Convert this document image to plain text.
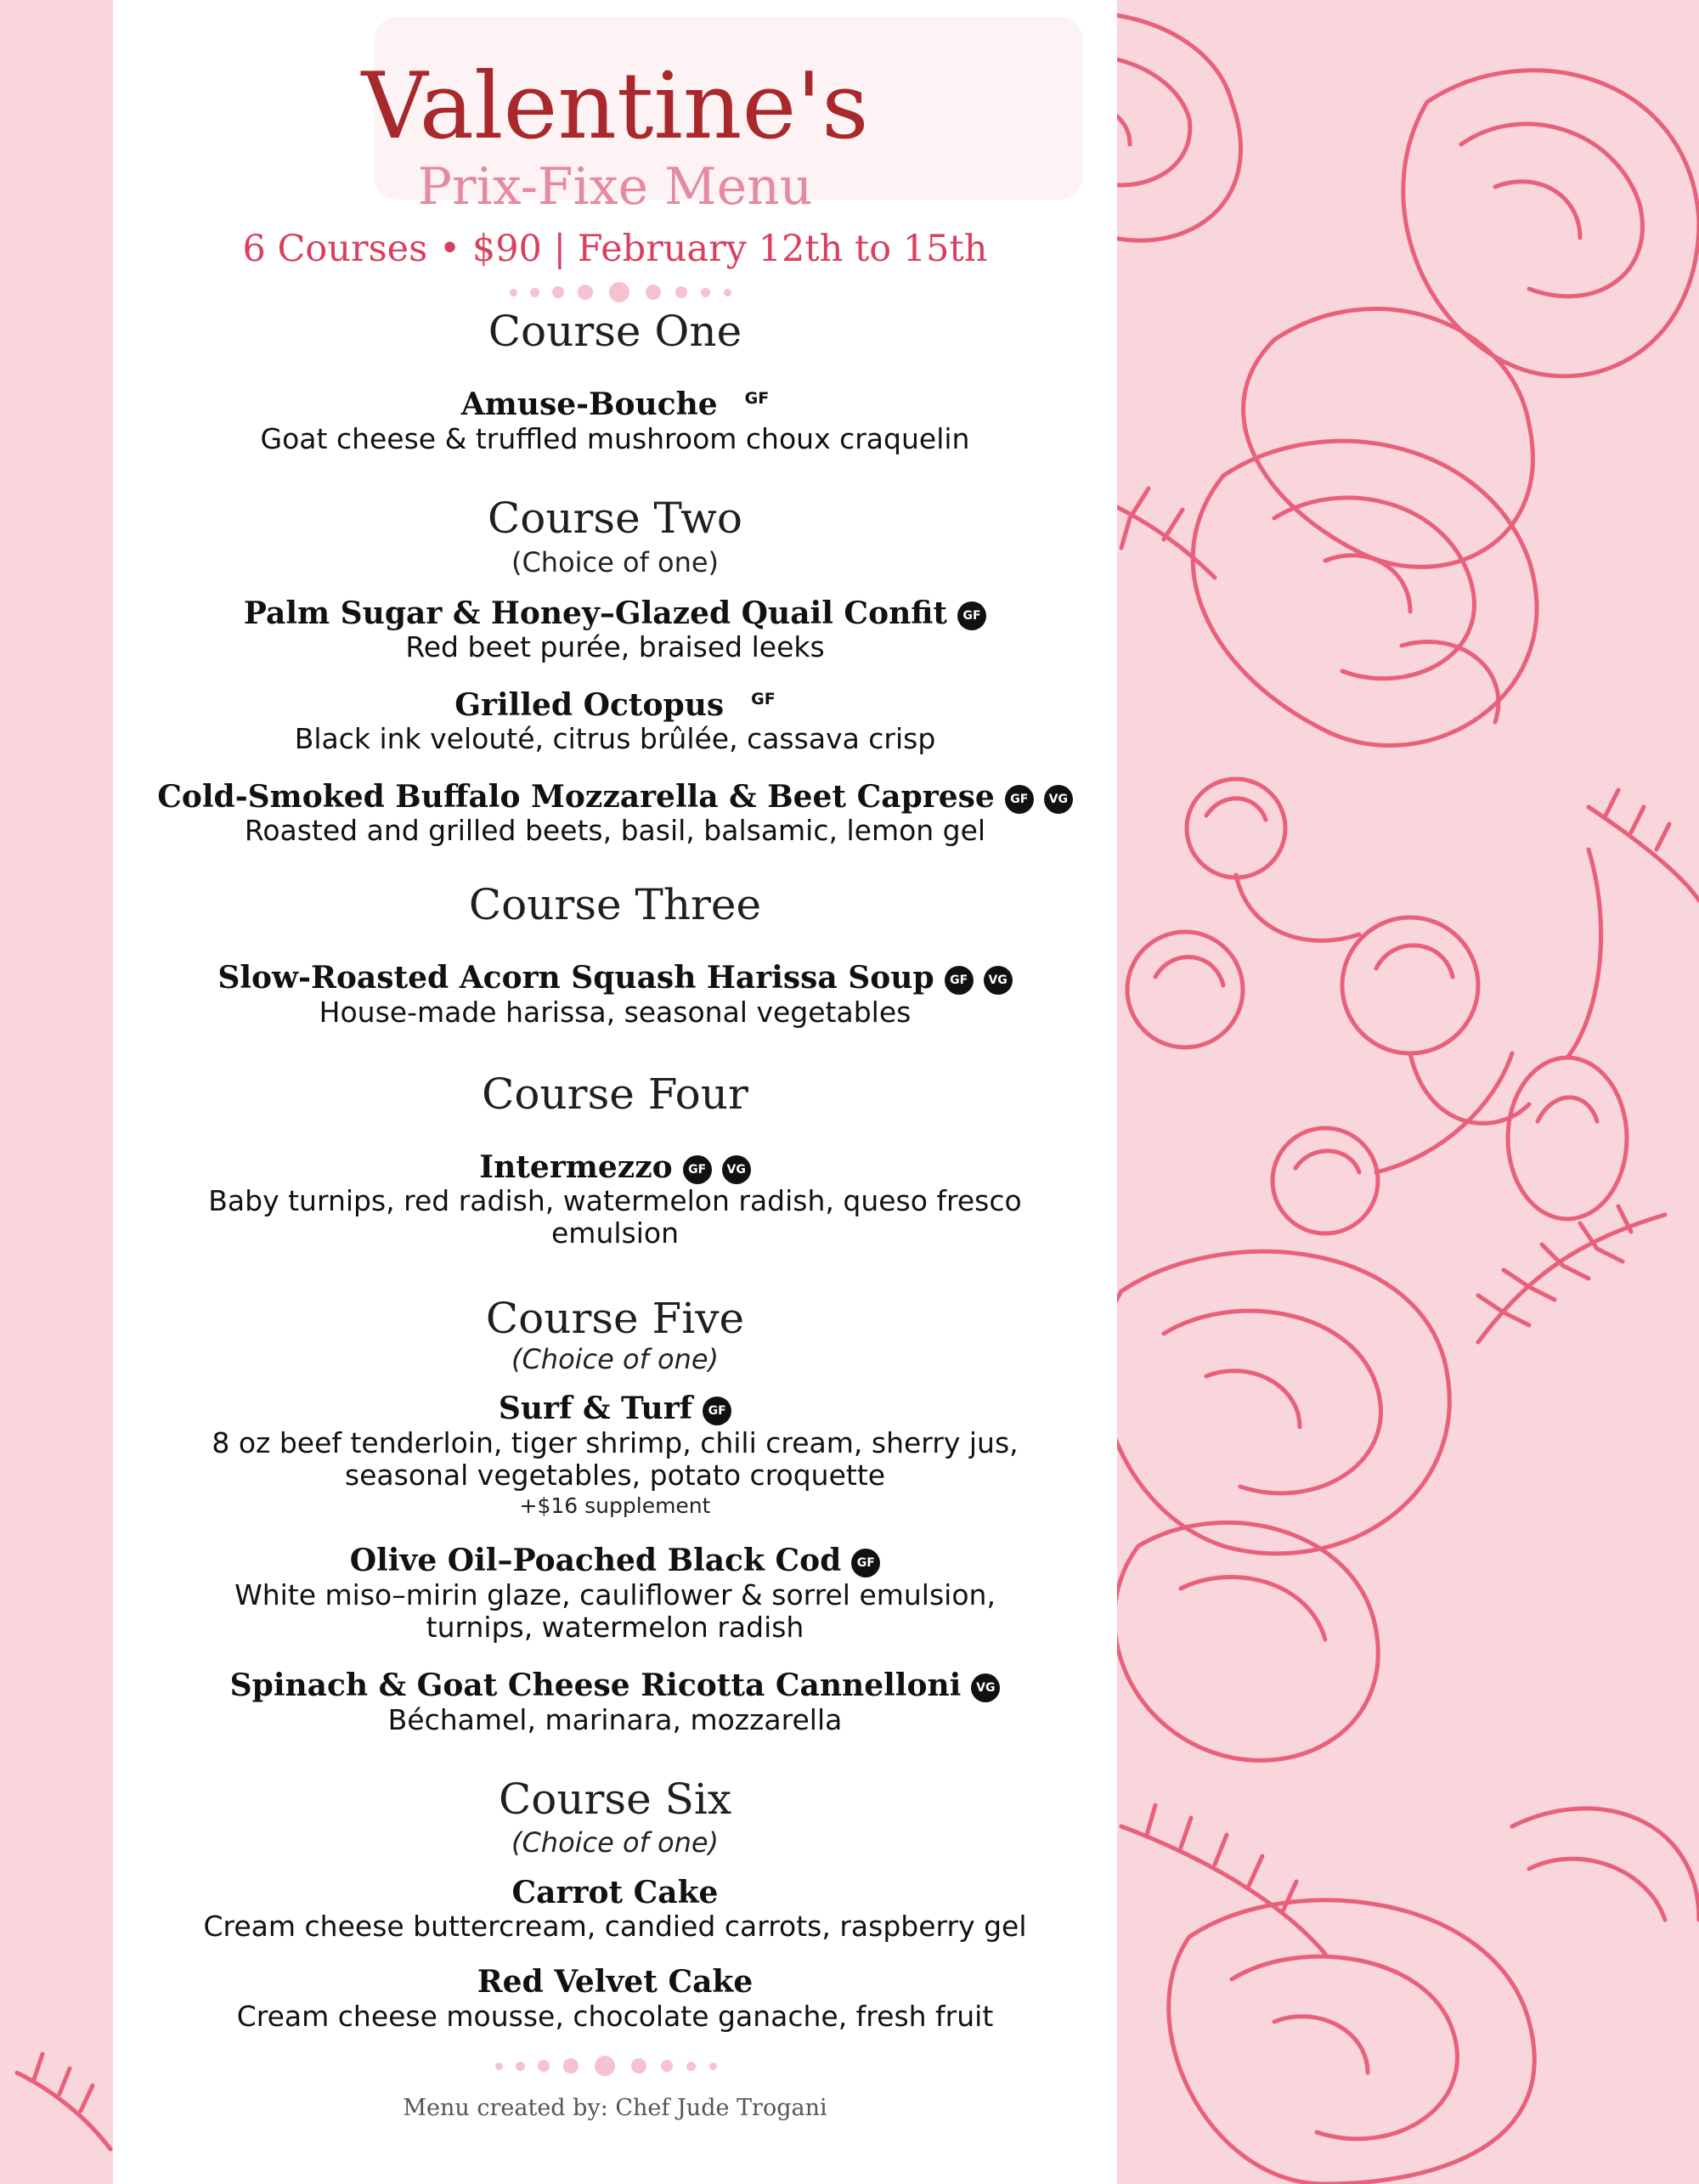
Valentine's
Prix-Fixe Menu
6 Courses • $90 | February 12th to 15th
Course One
Amuse-Bouche GF
Goat cheese & truffled mushroom choux craquelin
Course Two
(Choice of one)
Palm Sugar & Honey–Glazed Quail Confit GF
Red beet purée, braised leeks
Grilled Octopus GF
Black ink velouté, citrus brûlée, cassava crisp
Cold-Smoked Buffalo Mozzarella & Beet Caprese GF VG
Roasted and grilled beets, basil, balsamic, lemon gel
Course Three
Slow-Roasted Acorn Squash Harissa Soup GF VG
House-made harissa, seasonal vegetables
Course Four
Intermezzo GF VG
Baby turnips, red radish, watermelon radish, queso fresco emulsion
Course Five
(Choice of one)
Surf & Turf GF
8 oz beef tenderloin, tiger shrimp, chili cream, sherry jus, seasonal vegetables, potato croquette
+$16 supplement
Olive Oil–Poached Black Cod GF
White miso–mirin glaze, cauliflower & sorrel emulsion, turnips, watermelon radish
Spinach & Goat Cheese Ricotta Cannelloni VG
Béchamel, marinara, mozzarella
Course Six
(Choice of one)
Carrot Cake
Cream cheese buttercream, candied carrots, raspberry gel
Red Velvet Cake
Cream cheese mousse, chocolate ganache, fresh fruit
Menu created by: Chef Jude Trogani
